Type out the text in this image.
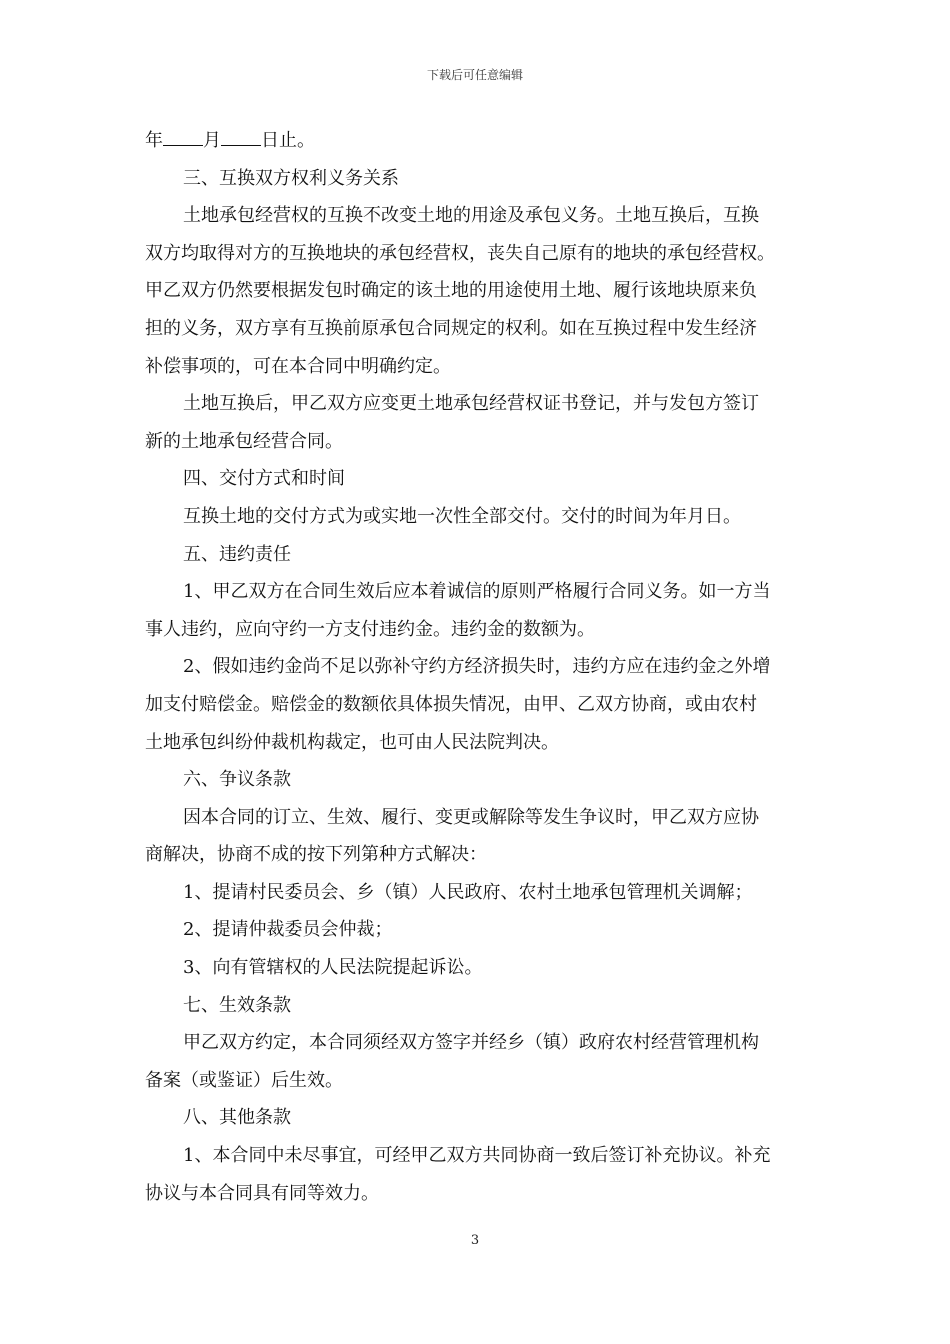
下载后可任意编辑
年 月 日止。
三、互换双方权利义务关系
土地承包经营权的互换不改变土地的用途及承包义务。土地互换后，互换
双方均取得对方的互换地块的承包经营权，丧失自己原有的地块的承包经营权。
甲乙双方仍然要根据发包时确定的该土地的用途使用土地、履行该地块原来负
担的义务，双方享有互换前原承包合同规定的权利。如在互换过程中发生经济
补偿事项的，可在本合同中明确约定。
土地互换后，甲乙双方应变更土地承包经营权证书登记，并与发包方签订
新的土地承包经营合同。
四、交付方式和时间
互换土地的交付方式为或实地一次性全部交付。交付的时间为年月日。
五、违约责任
1、甲乙双方在合同生效后应本着诚信的原则严格履行合同义务。如一方当
事人违约，应向守约一方支付违约金。违约金的数额为。
2、假如违约金尚不足以弥补守约方经济损失时，违约方应在违约金之外增
加支付赔偿金。赔偿金的数额依具体损失情况，由甲、乙双方协商，或由农村
土地承包纠纷仲裁机构裁定，也可由人民法院判决。
六、争议条款
因本合同的订立、生效、履行、变更或解除等发生争议时，甲乙双方应协
商解决，协商不成的按下列第种方式解决：
1、提请村民委员会、乡（镇）人民政府、农村土地承包管理机关调解；
2、提请仲裁委员会仲裁；
3、向有管辖权的人民法院提起诉讼。
七、生效条款
甲乙双方约定，本合同须经双方签字并经乡（镇）政府农村经营管理机构
备案（或鉴证）后生效。
八、其他条款
1、本合同中未尽事宜，可经甲乙双方共同协商一致后签订补充协议。补充
协议与本合同具有同等效力。
3
